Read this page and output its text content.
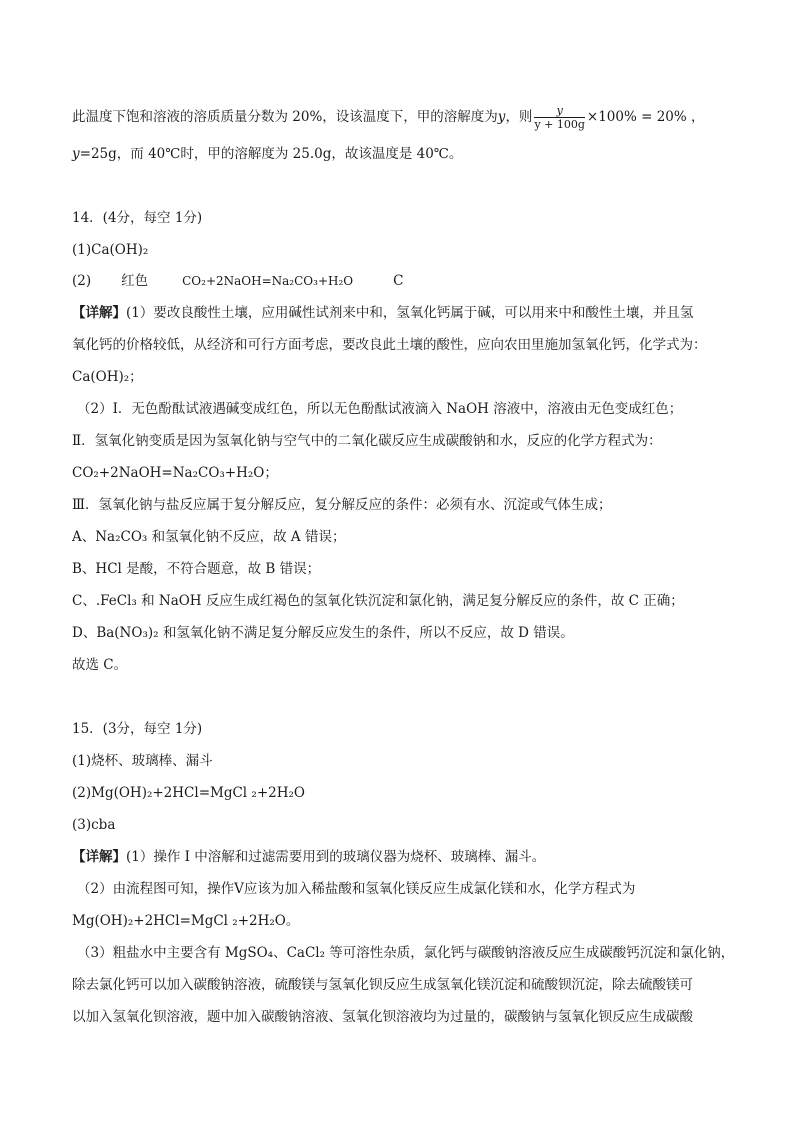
此温度下饱和溶液的溶质质量分数为 20%，设该温度下，甲的溶解度为y，则 $\frac{y}{y + 100g} \times 100\% = 20\%$ ，
y=25g，而 40℃时，甲的溶解度为 25.0g，故该温度是 40℃。
14．(4分，每空 1分)
(1)Ca(OH)₂
(2) 红色	CO₂+2NaOH=Na₂CO₃+H₂O	C
【详解】(1）要改良酸性土壤，应用碱性试剂来中和，氢氧化钙属于碱，可以用来中和酸性土壤，并且氢
氧化钙的价格较低，从经济和可行方面考虑，要改良此土壤的酸性，应向农田里施加氢氧化钙，化学式为：
Ca(OH)₂；
（2）Ⅰ．无色酚酞试液遇碱变成红色，所以无色酚酞试液滴入 NaOH 溶液中，溶液由无色变成红色；
Ⅱ．氢氧化钠变质是因为氢氧化钠与空气中的二氧化碳反应生成碳酸钠和水，反应的化学方程式为：
CO₂+2NaOH=Na₂CO₃+H₂O；
Ⅲ．氢氧化钠与盐反应属于复分解反应，复分解反应的条件：必须有水、沉淀或气体生成；
A、Na₂CO₃ 和氢氧化钠不反应，故 A 错误；
B、HCl 是酸，不符合题意，故 B 错误；
C、.FeCl₃ 和 NaOH 反应生成红褐色的氢氧化铁沉淀和氯化钠，满足复分解反应的条件，故 C 正确；
D、Ba(NO₃)₂ 和氢氧化钠不满足复分解反应发生的条件，所以不反应，故 D 错误。
故选 C。
15．(3分，每空 1分)
(1)烧杯、玻璃棒、漏斗
(2)Mg(OH)₂+2HCl=MgCl ₂+2H₂O
(3)cba
【详解】(1）操作 I 中溶解和过滤需要用到的玻璃仪器为烧杯、玻璃棒、漏斗。
（2）由流程图可知，操作Ⅴ应该为加入稀盐酸和氢氧化镁反应生成氯化镁和水，化学方程式为
Mg(OH)₂+2HCl=MgCl ₂+2H₂O。
（3）粗盐水中主要含有 MgSO₄、CaCl₂ 等可溶性杂质，氯化钙与碳酸钠溶液反应生成碳酸钙沉淀和氯化钠，
除去氯化钙可以加入碳酸钠溶液，硫酸镁与氢氧化钡反应生成氢氧化镁沉淀和硫酸钡沉淀，除去硫酸镁可
以加入氢氧化钡溶液，题中加入碳酸钠溶液、氢氧化钡溶液均为过量的，碳酸钠与氢氧化钡反应生成碳酸
